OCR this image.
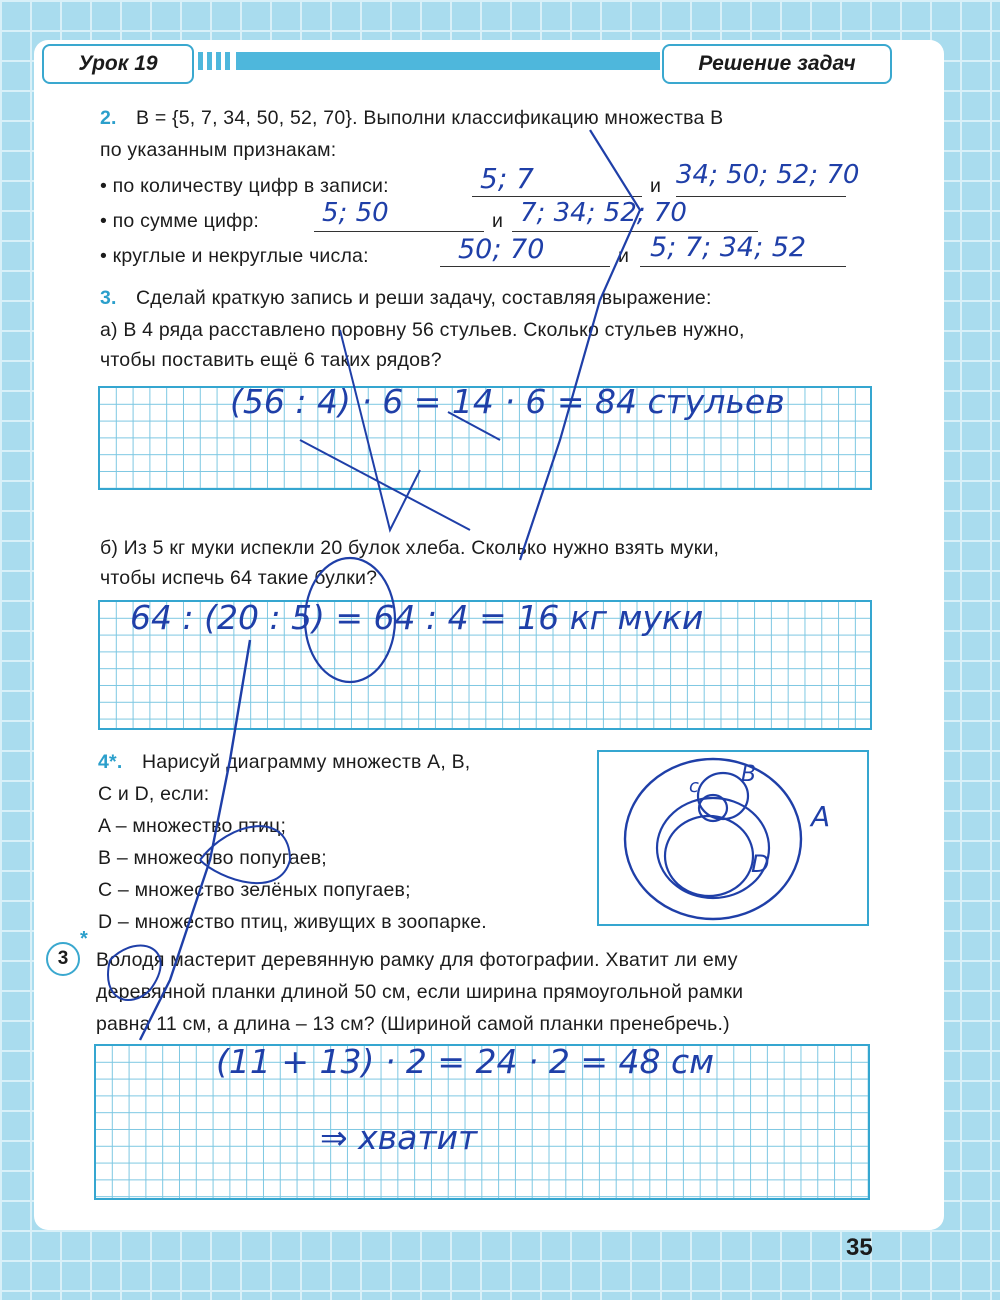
Урок 19	Решение задач
2. B = {5, 7, 34, 50, 52, 70}. Выполни классификацию множества B
по указанным признакам:
• по количеству цифр в записи:	и
5; 7	34; 50; 52; 70
• по сумме цифр:	и
5; 50	7; 34; 52; 70
• круглые и некруглые числа:	и
50; 70	5; 7; 34; 52
3. Сделай краткую запись и реши задачу, составляя выражение:
а) В 4 ряда расставлено поровну 56 стульев. Сколько стульев нужно,
чтобы поставить ещё 6 таких рядов?
(56 : 4) · 6 = 14 · 6 = 84 стульев
б) Из 5 кг муки испекли 20 булок хлеба. Сколько нужно взять муки,
чтобы испечь 64 такие булки?
64 : (20 : 5) = 64 : 4 = 16 кг муки
4*. Нарисуй диаграмму множеств A, B,
C и D, если:
A – множество птиц;
B – множество попугаев;
C – множество зелёных попугаев;
D – множество птиц, живущих в зоопарке.
c B
A
D
3
*
Володя мастерит деревянную рамку для фотографии. Хватит ли ему
деревянной планки длиной 50 см, если ширина прямоугольной рамки
равна 11 см, а длина – 13 см? (Шириной самой планки пренебречь.)
(11 + 13) · 2 = 24 · 2 = 48 см
⇒ хватит
35
